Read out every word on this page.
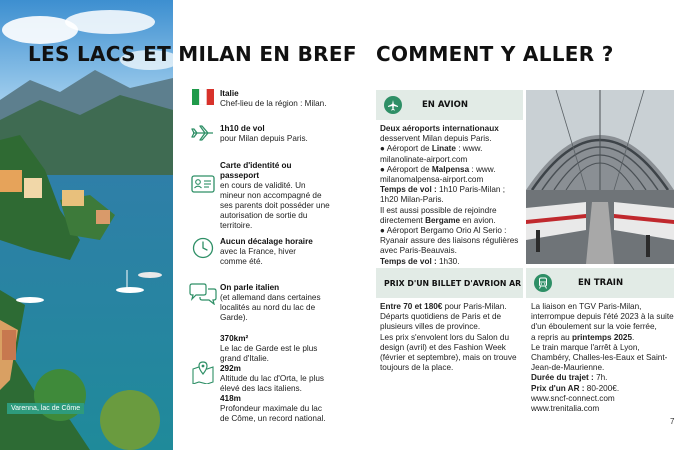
Varenna, lac de Côme
LES LACS ET MILAN EN BREF
Italie
Chef-lieu de la région : Milan.
1h10 de vol
pour Milan depuis Paris.
Carte d'identité ou passeport
en cours de validité. Un mineur non accompagné de ses parents doit posséder une autorisation de sortie du territoire.
Aucun décalage horaire
avec la France, hiver comme été.
On parle italien
(et allemand dans certaines localités au nord du lac de Garde).
370km²
Le lac de Garde est le plus grand d'Italie.
292m
Altitude du lac d'Orta, le plus élevé des lacs italiens.
418m
Profondeur maximale du lac de Côme, un record national.
COMMENT Y ALLER ?
EN AVION
Deux aéroports internationaux
desservent Milan depuis Paris.
● Aéroport de Linate : www.
milanolinate-airport.com
● Aéroport de Malpensa : www.
milanomalpensa-airport.com
Temps de vol : 1h10 Paris-Milan ;
1h20 Milan-Paris.
Il est aussi possible de rejoindre
directement Bergame en avion.
● Aéroport Bergamo Orio Al Serio :
Ryanair assure des liaisons régulières
avec Paris-Beauvais.
Temps de vol : 1h30.
PRIX D'UN BILLET D'AVRION AR
Entre 70 et 180€ pour Paris-Milan.
Départs quotidiens de Paris et de
plusieurs villes de province.
Les prix s'envolent lors du Salon du
design (avril) et des Fashion Week
(février et septembre), mais on trouve
toujours de la place.
EN TRAIN
La liaison en TGV Paris-Milan,
interrompue depuis l'été 2023 à la suite
d'un éboulement sur la voie ferrée,
a repris au printemps 2025.
Le train marque l'arrêt à Lyon,
Chambéry, Challes-les-Eaux et Saint-
Jean-de-Maurienne.
Durée du trajet : 7h.
Prix d'un AR : 80-200€.
www.sncf-connect.com
www.trenitalia.com
7
